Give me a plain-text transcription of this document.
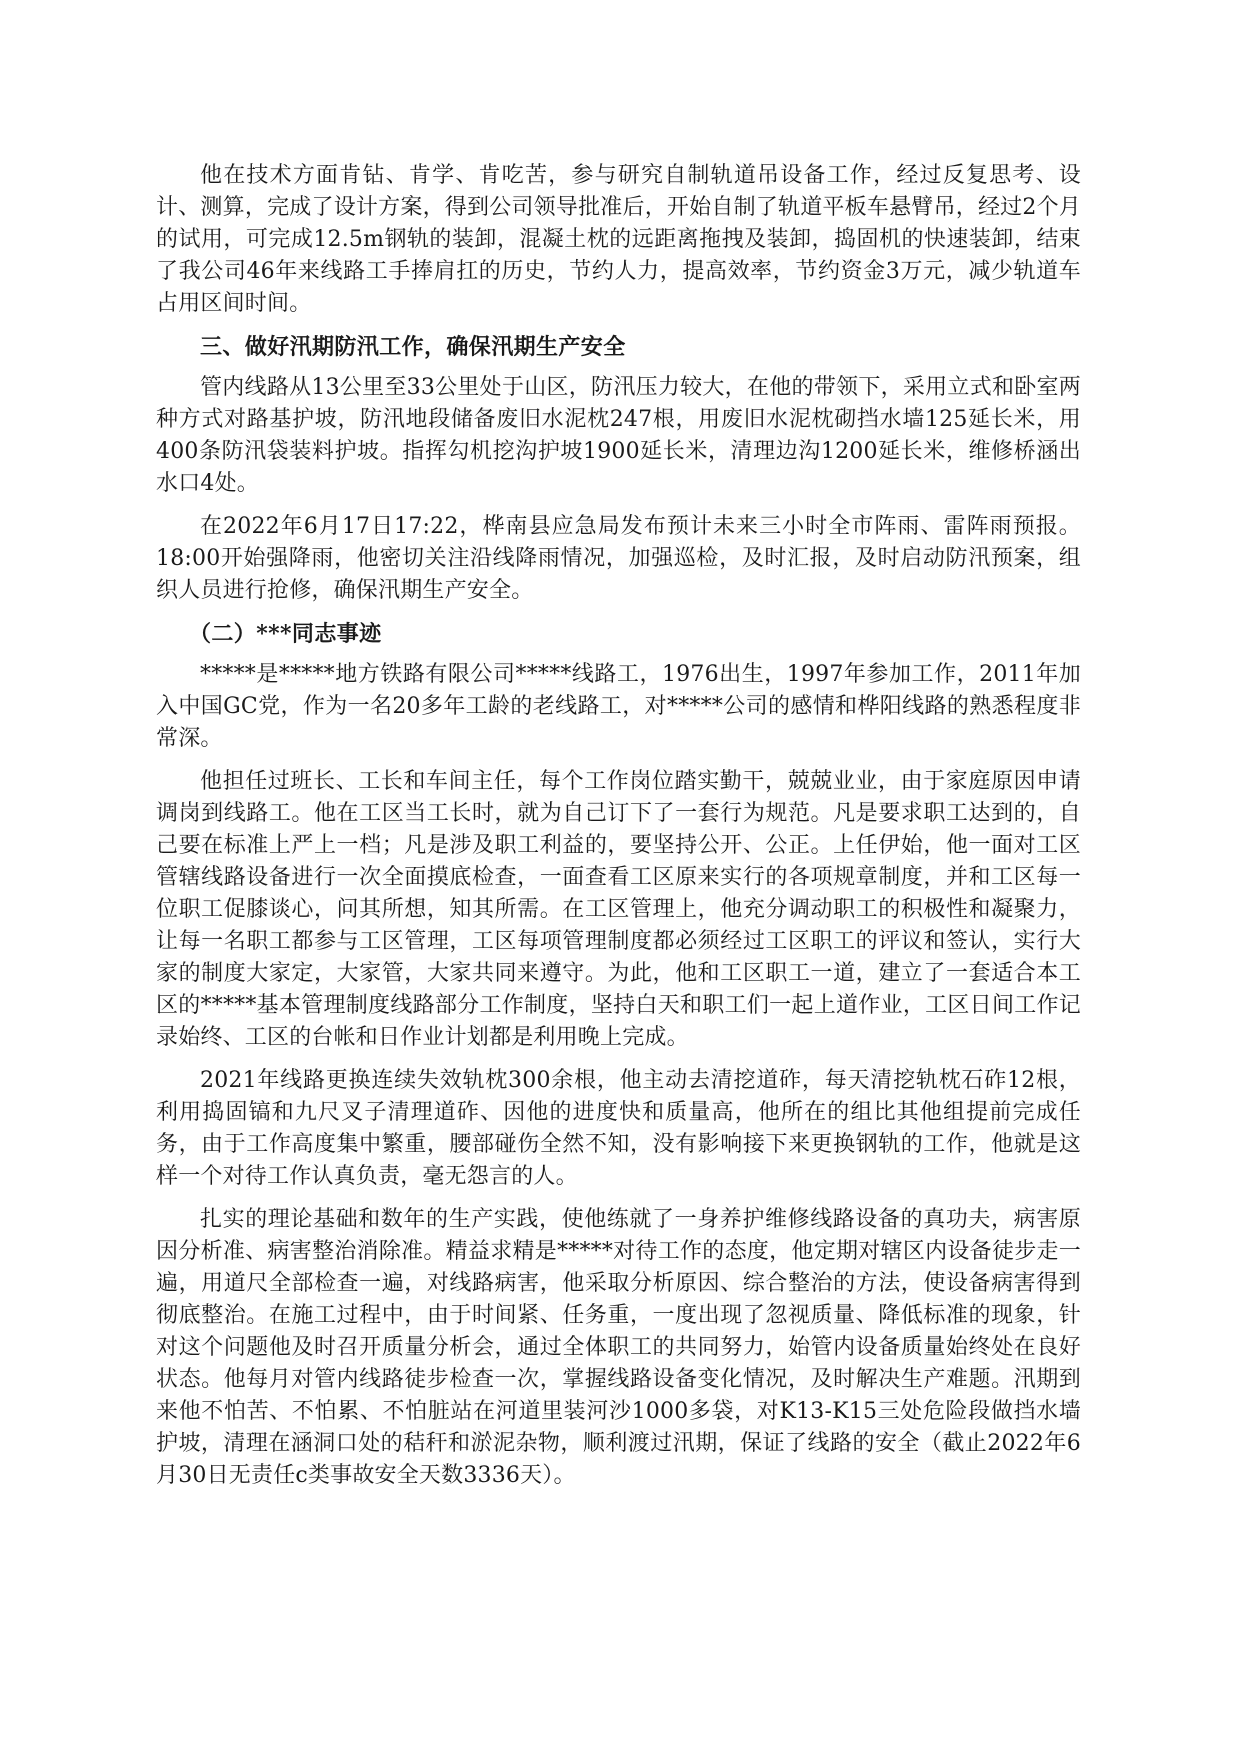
他在技术方面肯钻、肯学、肯吃苦，参与研究自制轨道吊设备工作，经过反复思考、设计、测算，完成了设计方案，得到公司领导批准后，开始自制了轨道平板车悬臂吊，经过2个月的试用，可完成12.5m钢轨的装卸，混凝土枕的远距离拖拽及装卸，捣固机的快速装卸，结束了我公司46年来线路工手捧肩扛的历史，节约人力，提高效率，节约资金3万元，减少轨道车占用区间时间。

三、做好汛期防汛工作，确保汛期生产安全

管内线路从13公里至33公里处于山区，防汛压力较大，在他的带领下，采用立式和卧室两种方式对路基护坡，防汛地段储备废旧水泥枕247根，用废旧水泥枕砌挡水墙125延长米，用400条防汛袋装料护坡。指挥勾机挖沟护坡1900延长米，清理边沟1200延长米，维修桥涵出水口4处。

在2022年6月17日17:22，桦南县应急局发布预计未来三小时全市阵雨、雷阵雨预报。18:00开始强降雨，他密切关注沿线降雨情况，加强巡检，及时汇报，及时启动防汛预案，组织人员进行抢修，确保汛期生产安全。

（二）***同志事迹

*****是*****地方铁路有限公司*****线路工，1976出生，1997年参加工作，2011年加入中国GC党，作为一名20多年工龄的老线路工，对*****公司的感情和桦阳线路的熟悉程度非常深。

他担任过班长、工长和车间主任，每个工作岗位踏实勤干，兢兢业业，由于家庭原因申请调岗到线路工。他在工区当工长时，就为自己订下了一套行为规范。凡是要求职工达到的，自己要在标准上严上一档；凡是涉及职工利益的，要坚持公开、公正。上任伊始，他一面对工区管辖线路设备进行一次全面摸底检查，一面查看工区原来实行的各项规章制度，并和工区每一位职工促膝谈心，问其所想，知其所需。在工区管理上，他充分调动职工的积极性和凝聚力，让每一名职工都参与工区管理，工区每项管理制度都必须经过工区职工的评议和签认，实行大家的制度大家定，大家管，大家共同来遵守。为此，他和工区职工一道，建立了一套适合本工区的*****基本管理制度线路部分工作制度，坚持白天和职工们一起上道作业，工区日间工作记录始终、工区的台帐和日作业计划都是利用晚上完成。

2021年线路更换连续失效轨枕300余根，他主动去清挖道砟，每天清挖轨枕石砟12根，利用捣固镐和九尺叉子清理道砟、因他的进度快和质量高，他所在的组比其他组提前完成任务，由于工作高度集中繁重，腰部碰伤全然不知，没有影响接下来更换钢轨的工作，他就是这样一个对待工作认真负责，毫无怨言的人。

扎实的理论基础和数年的生产实践，使他练就了一身养护维修线路设备的真功夫，病害原因分析准、病害整治消除准。精益求精是*****对待工作的态度，他定期对辖区内设备徒步走一遍，用道尺全部检查一遍，对线路病害，他采取分析原因、综合整治的方法，使设备病害得到彻底整治。在施工过程中，由于时间紧、任务重，一度出现了忽视质量、降低标准的现象，针对这个问题他及时召开质量分析会，通过全体职工的共同努力，始管内设备质量始终处在良好状态。他每月对管内线路徒步检查一次，掌握线路设备变化情况，及时解决生产难题。汛期到来他不怕苦、不怕累、不怕脏站在河道里装河沙1000多袋，对K13-K15三处危险段做挡水墙护坡，清理在涵洞口处的秸秆和淤泥杂物，顺利渡过汛期，保证了线路的安全（截止2022年6月30日无责任c类事故安全天数3336天）。
